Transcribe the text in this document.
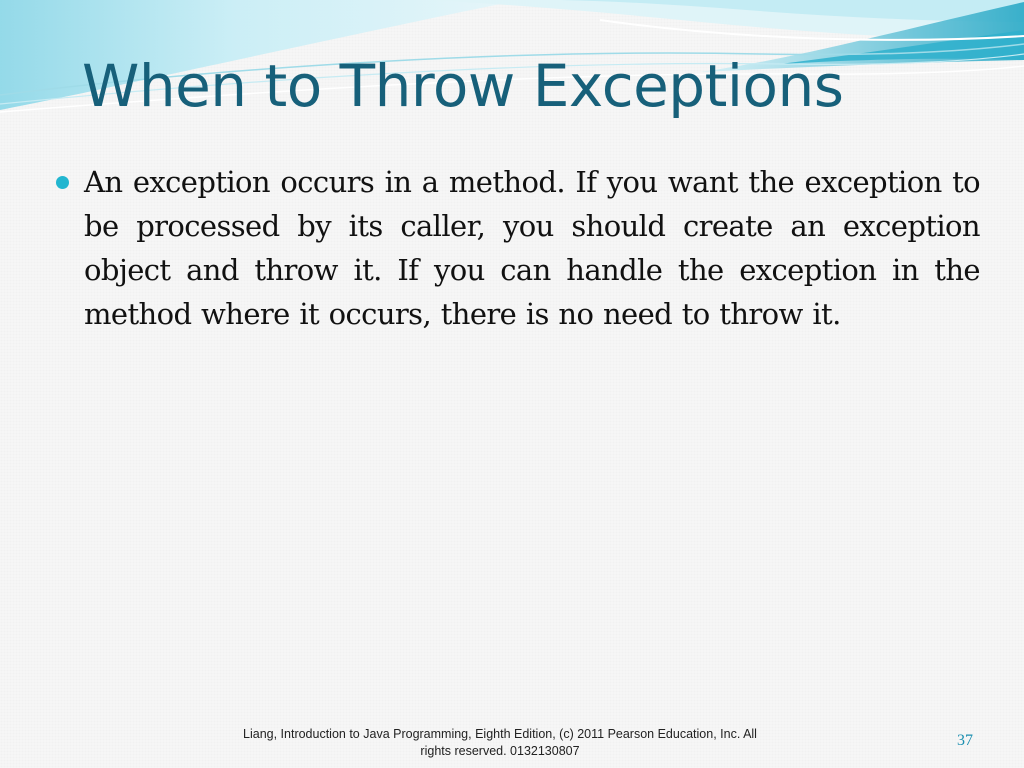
When to Throw Exceptions
An exception occurs in a method. If you want the exception to be processed by its caller, you should create an exception object and throw it. If you can handle the exception in the method where it occurs, there is no need to throw it.
Liang, Introduction to Java Programming, Eighth Edition, (c) 2011 Pearson Education, Inc. All
rights reserved. 0132130807
37
